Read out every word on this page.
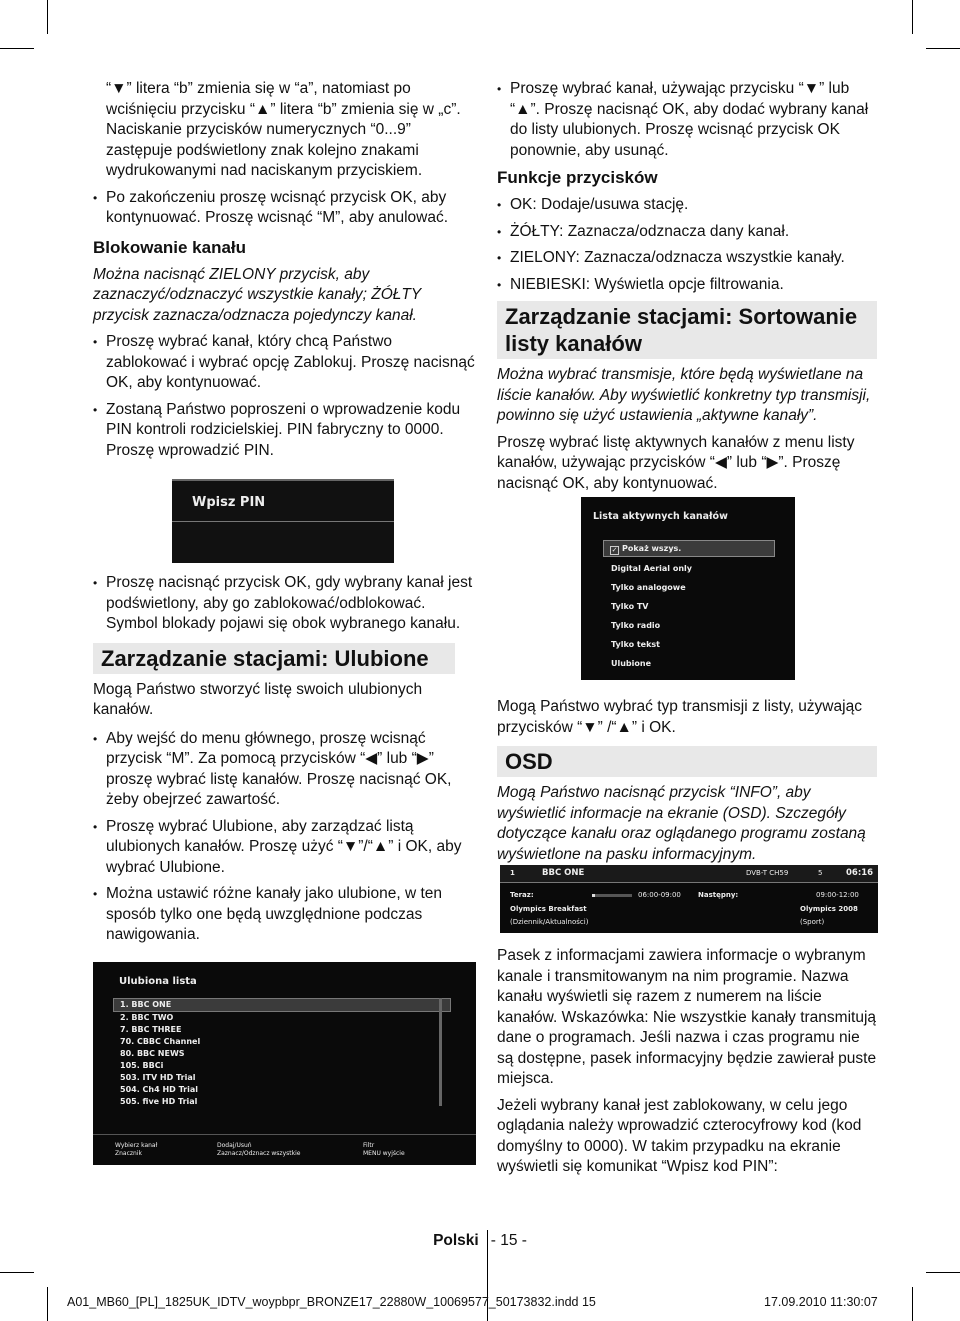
“▼” litera “b” zmienia się w “a”, natomiast po wciśnięciu przycisku “▲” litera “b” zmienia się w „c”. Naciskanie przycisków numerycznych “0...9” zastępuje podświetlony znak kolejno znakami wydrukowanymi nad naciskanym przyciskiem.

• Po zakończeniu proszę wcisnąć przycisk OK, aby kontynuować. Proszę wcisnąć “M”, aby anulować.

Blokowanie kanału

Można nacisnąć ZIELONY przycisk, aby zaznaczyć/odznaczyć wszystkie kanały; ŻÓŁTY przycisk zaznacza/odznacza pojedynczy kanał.

• Proszę wybrać kanał, który chcą Państwo zablokować i wybrać opcję Zablokuj. Proszę nacisnąć OK, aby kontynuować.

• Zostaną Państwo poproszeni o wprowadzenie kodu PIN kontroli rodzicielskiej. PIN fabryczny to 0000. Proszę wprowadzić PIN.

Wpisz PIN

• Proszę nacisnąć przycisk OK, gdy wybrany kanał jest podświetlony, aby go zablokować/odblokować. Symbol blokady pojawi się obok wybranego kanału.

Zarządzanie stacjami: Ulubione

Mogą Państwo stworzyć listę swoich ulubionych kanałów.

• Aby wejść do menu głównego, proszę wcisnąć przycisk “M”. Za pomocą przycisków “◀” lub “▶” proszę wybrać listę kanałów. Proszę nacisnąć OK, żeby obejrzeć zawartość.

• Proszę wybrać Ulubione, aby zarządzać listą ulubionych kanałów. Proszę użyć “▼”/“▲” i OK, aby wybrać Ulubione.

• Można ustawić różne kanały jako ulubione, w ten sposób tylko one będą uwzględnione podczas nawigowania.

Ulubiona lista
1. BBC ONE
2. BBC TWO
7. BBC THREE
70. CBBC Channel
80. BBC NEWS
105. BBCi
503. ITV HD Trial
504. Ch4 HD Trial
505. five HD Trial
Wybierz kanał
Znacznik
Dodaj/Usuń
Zaznacz/Odznacz wszystkie
Filtr
MENU wyjście

• Proszę wybrać kanał, używając przycisku “▼” lub “▲”. Proszę nacisnąć OK, aby dodać wybrany kanał do listy ulubionych. Proszę wcisnąć przycisk OK ponownie, aby usunąć.

Funkcje przycisków

• OK: Dodaje/usuwa stację.

• ŻÓŁTY: Zaznacza/odznacza dany kanał.

• ZIELONY: Zaznacza/odznacza wszystkie kanały.

• NIEBIESKI: Wyświetla opcje filtrowania.

Zarządzanie stacjami: Sortowanie listy kanałów

Można wybrać transmisje, które będą wyświetlane na liście kanałów. Aby wyświetlić konkretny typ transmisji, powinno się użyć ustawienia „aktywne kanały”.

Proszę wybrać listę aktywnych kanałów z menu listy kanałów, używając przycisków “◀” lub “▶”. Proszę nacisnąć OK, aby kontynuować.

Lista aktywnych kanałów
✓ Pokaż wszys.
Digital Aerial only
Tylko analogowe
Tylko TV
Tylko radio
Tylko tekst
Ulubione

Mogą Państwo wybrać typ transmisji z listy, używając przycisków “▼” /“▲” i OK.

OSD

Mogą Państwo nacisnąć przycisk “INFO”, aby wyświetlić informacje na ekranie (OSD). Szczegóły dotyczące kanału oraz oglądanego programu zostaną wyświetlone na pasku informacyjnym.

1	BBC ONE	DVB-T CH59	5	06:16
Teraz:	06:00-09:00
Olympics Breakfast
(Dziennik/Aktualności)
Następny:	09:00-12:00
Olympics 2008
(Sport)

Pasek z informacjami zawiera informacje o wybranym kanale i transmitowanym na nim programie. Nazwa kanału wyświetli się razem z numerem na liście kanałów. Wskazówka: Nie wszystkie kanały transmitują dane o programach. Jeśli nazwa i czas programu nie są dostępne, pasek informacyjny będzie zawierał puste miejsca.

Jeżeli wybrany kanał jest zablokowany, w celu jego oglądania należy wprowadzić czterocyfrowy kod (kod domyślny to 0000). W takim przypadku na ekranie wyświetli się komunikat “Wpisz kod PIN”:

Polski - 15 -
A01_MB60_[PL]_1825UK_IDTV_woypbpr_BRONZE17_22880W_10069577_50173832.indd 15	17.09.2010 11:30:07
